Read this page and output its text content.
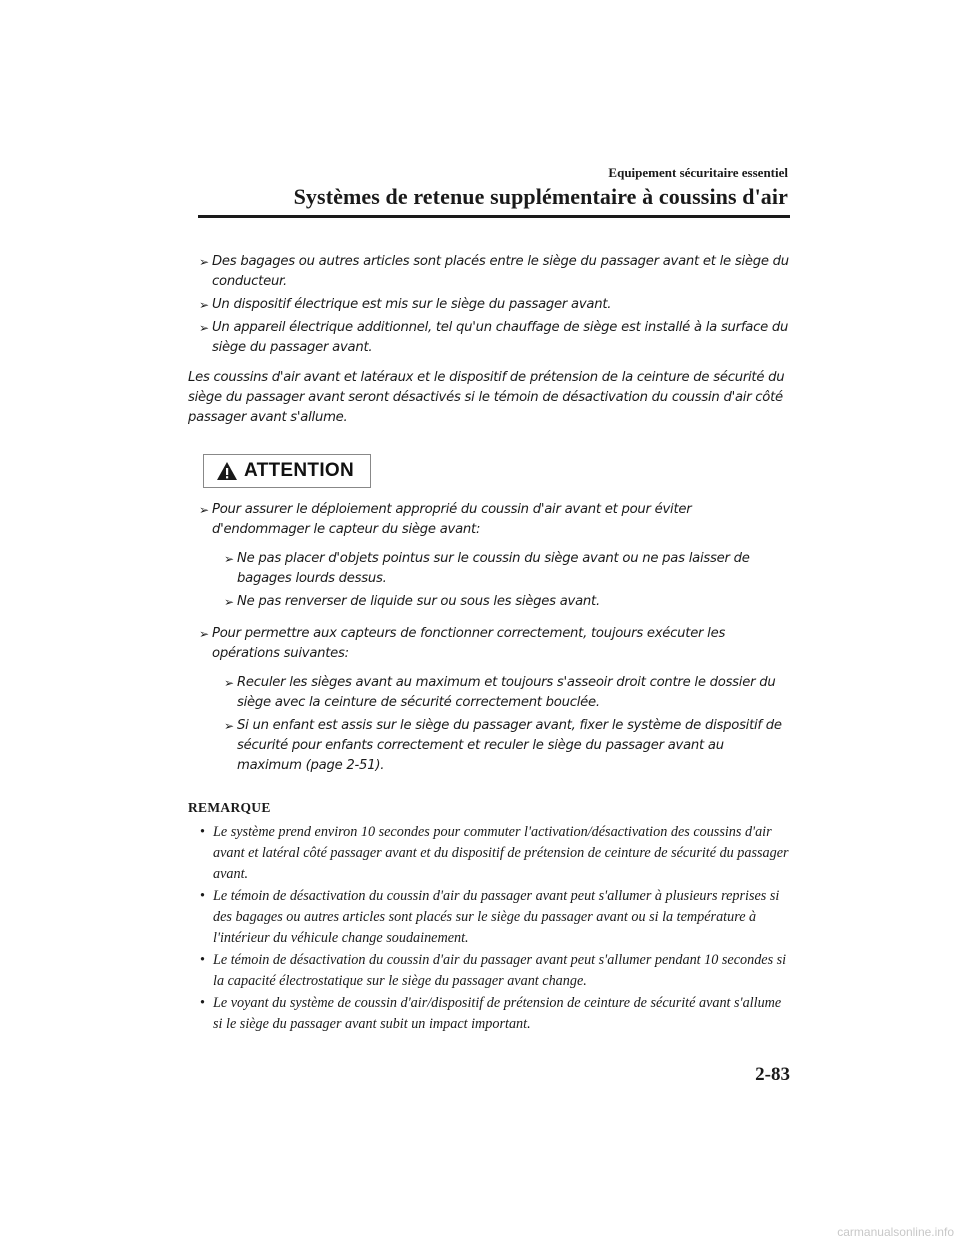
Equipement sécuritaire essentiel
Systèmes de retenue supplémentaire à coussins d'air
➢ Des bagages ou autres articles sont placés entre le siège du passager avant et le siège du conducteur.
➢ Un dispositif électrique est mis sur le siège du passager avant.
➢ Un appareil électrique additionnel, tel qu'un chauffage de siège est installé à la surface du siège du passager avant.

Les coussins d'air avant et latéraux et le dispositif de prétension de la ceinture de sécurité du siège du passager avant seront désactivés si le témoin de désactivation du coussin d'air côté passager avant s'allume.

ATTENTION
➢ Pour assurer le déploiement approprié du coussin d'air avant et pour éviter d'endommager le capteur du siège avant:
➢ Ne pas placer d'objets pointus sur le coussin du siège avant ou ne pas laisser de bagages lourds dessus.
➢ Ne pas renverser de liquide sur ou sous les sièges avant.
➢ Pour permettre aux capteurs de fonctionner correctement, toujours exécuter les opérations suivantes:
➢ Reculer les sièges avant au maximum et toujours s'asseoir droit contre le dossier du siège avec la ceinture de sécurité correctement bouclée.
➢ Si un enfant est assis sur le siège du passager avant, fixer le système de dispositif de sécurité pour enfants correctement et reculer le siège du passager avant au maximum (page 2-51).
REMARQUE
• Le système prend environ 10 secondes pour commuter l'activation/désactivation des coussins d'air avant et latéral côté passager avant et du dispositif de prétension de ceinture de sécurité du passager avant.
• Le témoin de désactivation du coussin d'air du passager avant peut s'allumer à plusieurs reprises si des bagages ou autres articles sont placés sur le siège du passager avant ou si la température à l'intérieur du véhicule change soudainement.
• Le témoin de désactivation du coussin d'air du passager avant peut s'allumer pendant 10 secondes si la capacité électrostatique sur le siège du passager avant change.
• Le voyant du système de coussin d'air/dispositif de prétension de ceinture de sécurité avant s'allume si le siège du passager avant subit un impact important.
2-83
carmanualsonline.info
